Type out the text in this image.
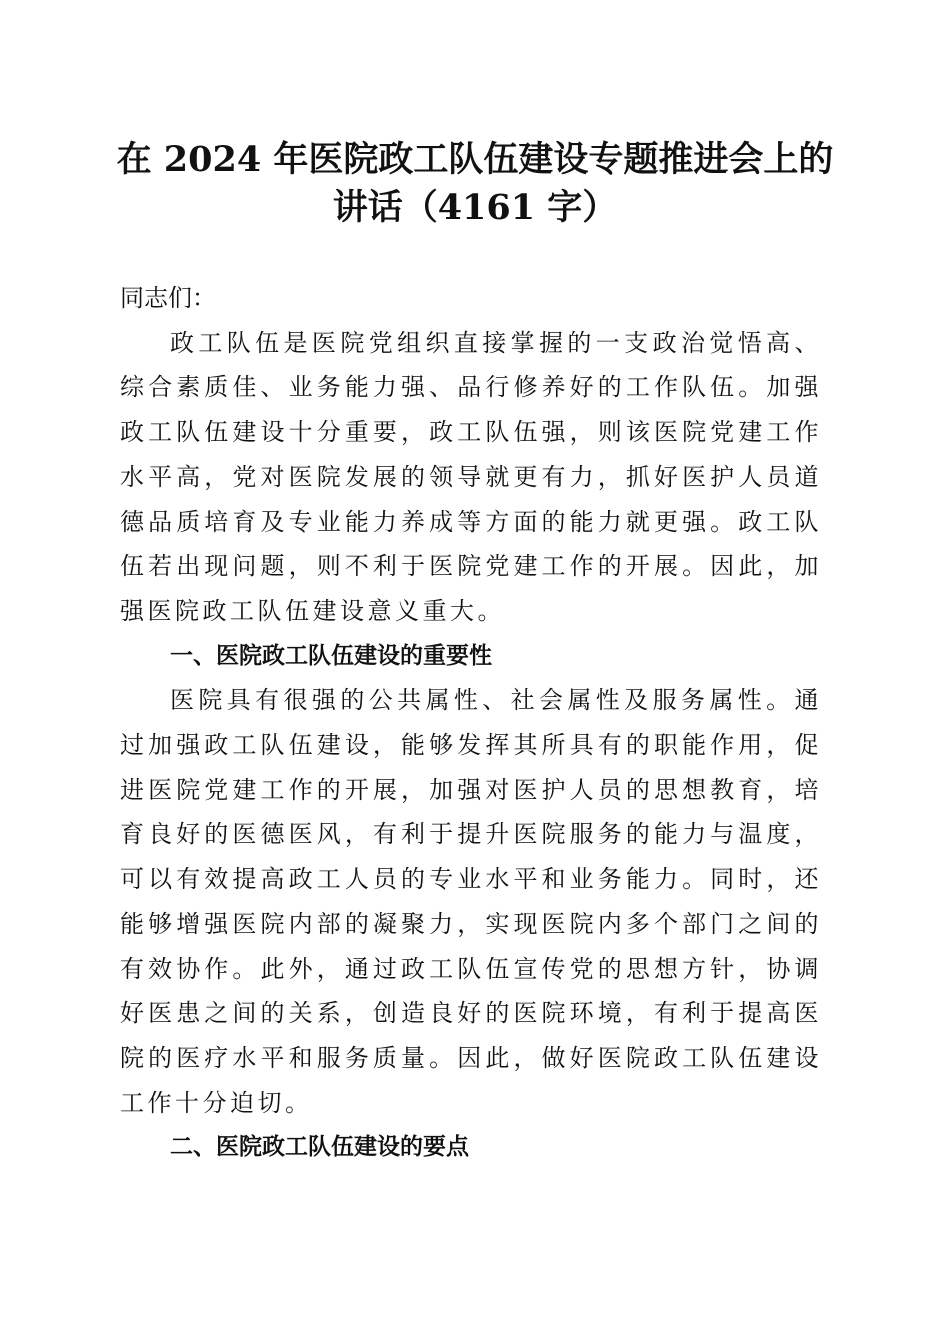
在 2024 年医院政工队伍建设专题推进会上的
讲话（4161 字）

同志们：

政工队伍是医院党组织直接掌握的一支政治觉悟高、综合素质佳、业务能力强、品行修养好的工作队伍。加强政工队伍建设十分重要，政工队伍强，则该医院党建工作水平高，党对医院发展的领导就更有力，抓好医护人员道德品质培育及专业能力养成等方面的能力就更强。政工队伍若出现问题，则不利于医院党建工作的开展。因此，加强医院政工队伍建设意义重大。

一、医院政工队伍建设的重要性

医院具有很强的公共属性、社会属性及服务属性。通过加强政工队伍建设，能够发挥其所具有的职能作用，促进医院党建工作的开展，加强对医护人员的思想教育，培育良好的医德医风，有利于提升医院服务的能力与温度，可以有效提高政工人员的专业水平和业务能力。同时，还能够增强医院内部的凝聚力，实现医院内多个部门之间的有效协作。此外，通过政工队伍宣传党的思想方针，协调好医患之间的关系，创造良好的医院环境，有利于提高医院的医疗水平和服务质量。因此，做好医院政工队伍建设工作十分迫切。

二、医院政工队伍建设的要点
